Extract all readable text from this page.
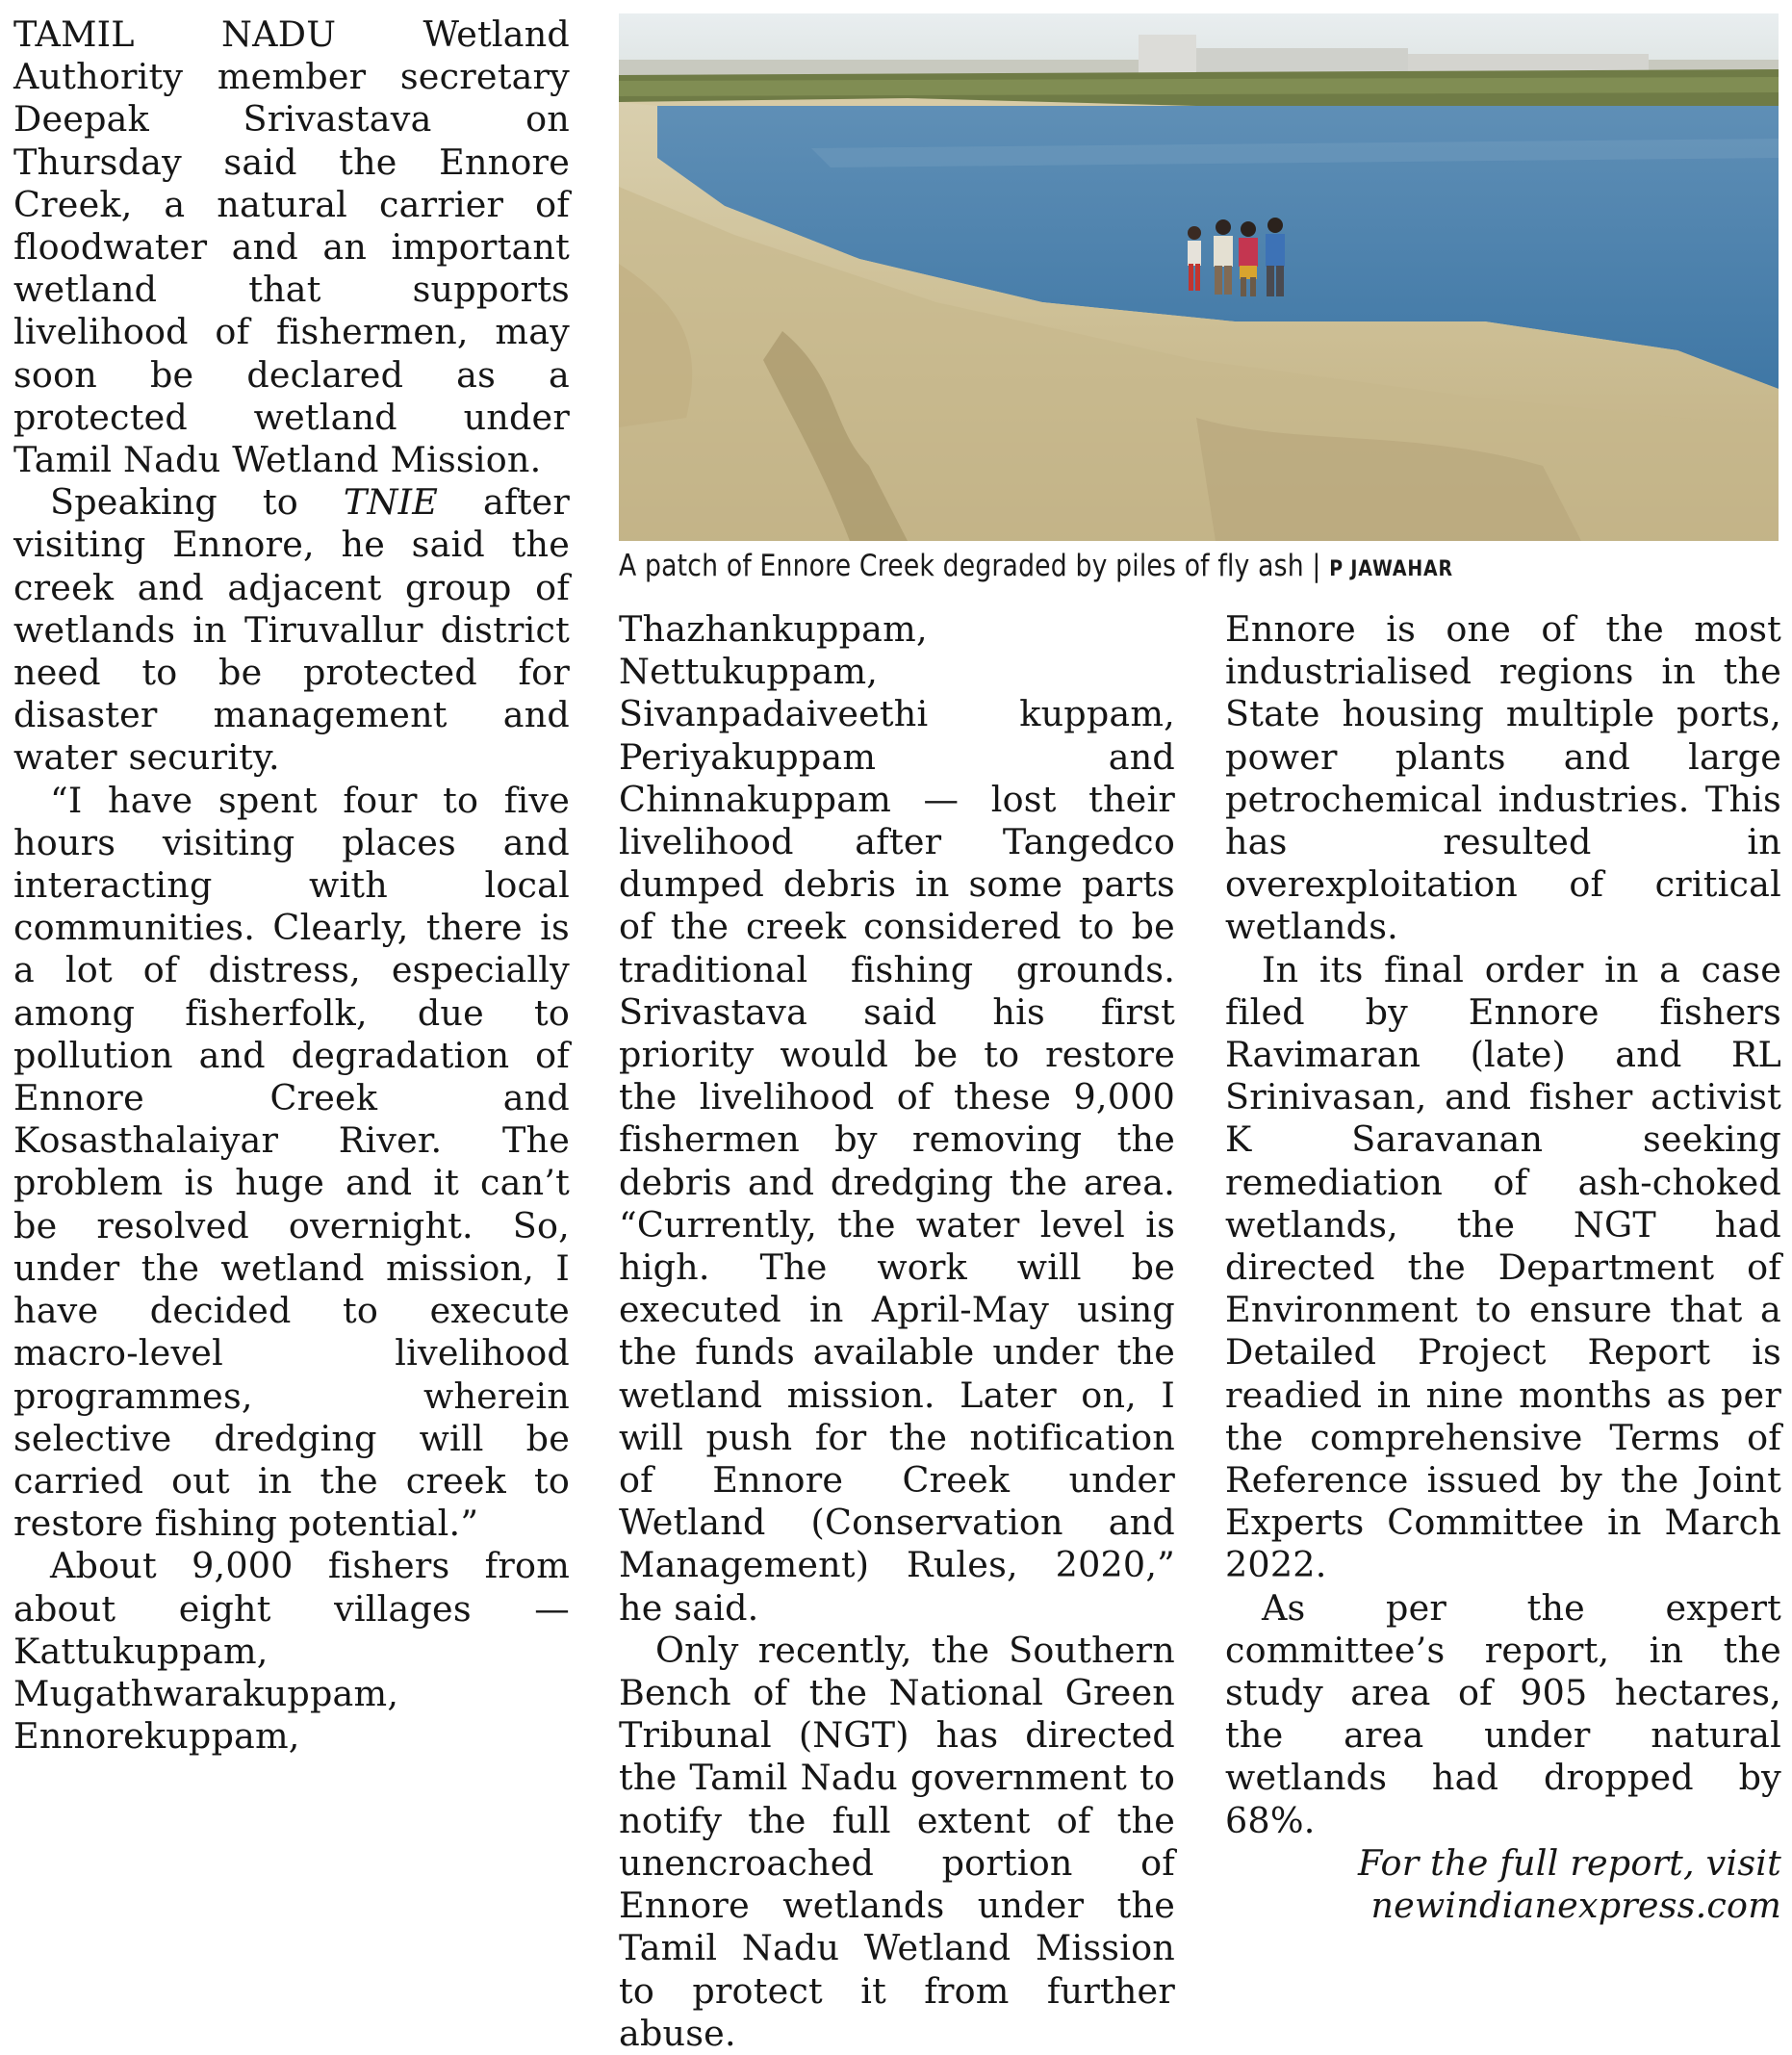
A patch of Ennore Creek degraded by piles of fly ash | P JAWAHAR

TAMIL NADU Wetland Authority member secretary Deepak Srivastava on Thursday said the Ennore Creek, a natural carrier of floodwater and an important wetland that supports livelihood of fishermen, may soon be declared as a protected wetland under Tamil Nadu Wetland Mission.

Speaking to TNIE after visiting Ennore, he said the creek and adjacent group of wetlands in Tiruvallur district need to be protected for disaster management and water security.

“I have spent four to five hours visiting places and interacting with local communities. Clearly, there is a lot of distress, especially among fisherfolk, due to pollution and degradation of Ennore Creek and Kosasthalaiyar River. The problem is huge and it can’t be resolved overnight. So, under the wetland mission, I have decided to execute macro-level livelihood programmes, wherein selective dredging will be carried out in the creek to restore fishing potential.”

About 9,000 fishers from about eight villages — Kattukuppam, Mugathwarakuppam, Ennorekuppam,

Thazhankuppam, Nettukuppam, Sivanpadaiveethi kuppam, Periyakuppam and Chinnakuppam — lost their livelihood after Tangedco dumped debris in some parts of the creek considered to be traditional fishing grounds. Srivastava said his first priority would be to restore the livelihood of these 9,000 fishermen by removing the debris and dredging the area. “Currently, the water level is high. The work will be executed in April-May using the funds available under the wetland mission. Later on, I will push for the notification of Ennore Creek under Wetland (Conservation and Management) Rules, 2020,” he said.

Only recently, the Southern Bench of the National Green Tribunal (NGT) has directed the Tamil Nadu government to notify the full extent of the unencroached portion of Ennore wetlands under the Tamil Nadu Wetland Mission to protect it from further abuse.

Ennore is one of the most industrialised regions in the State housing multiple ports, power plants and large petrochemical industries. This has resulted in overexploitation of critical wetlands.

In its final order in a case filed by Ennore fishers Ravimaran (late) and RL Srinivasan, and fisher activist K Saravanan seeking remediation of ash-choked wetlands, the NGT had directed the Department of Environment to ensure that a Detailed Project Report is readied in nine months as per the comprehensive Terms of Reference issued by the Joint Experts Committee in March 2022.

As per the expert committee’s report, in the study area of 905 hectares, the area under natural wetlands had dropped by 68%.

For the full report, visit

newindianexpress.com
